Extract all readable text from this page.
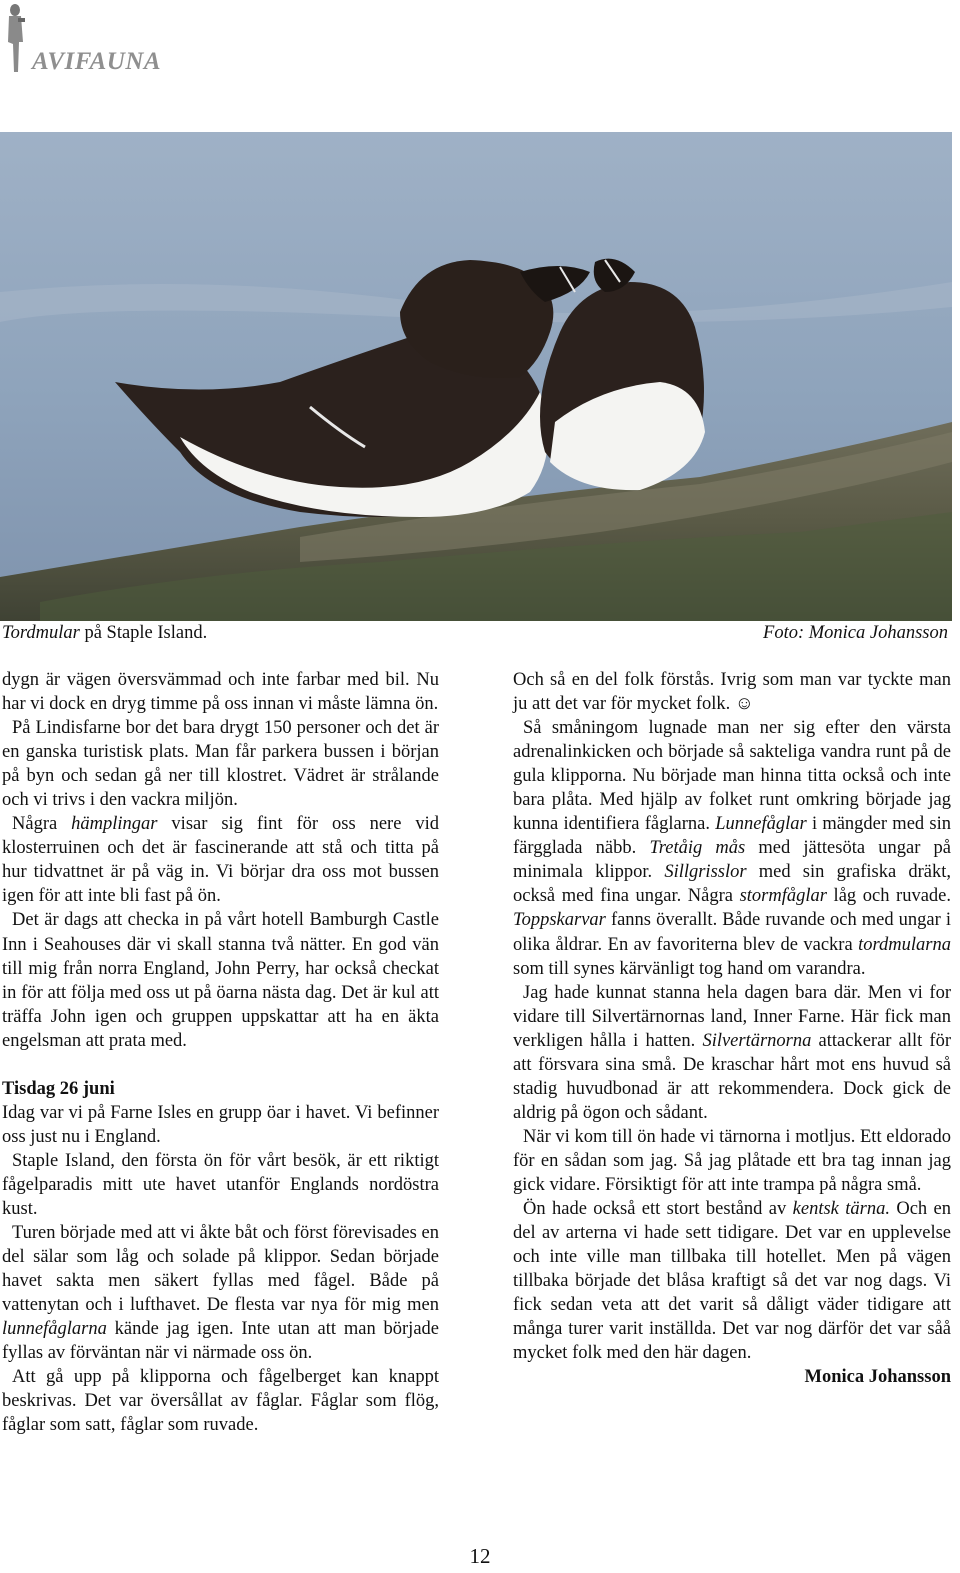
AVIFAUNA
Tordmular på Staple Island.	Foto: Monica Johansson

dygn är vägen översvämmad och inte farbar med bil. Nu har vi dock en dryg timme på oss innan vi måste lämna ön.

På Lindisfarne bor det bara drygt 150 personer och det är en ganska turistisk plats. Man får parkera bussen i början på byn och sedan gå ner till klostret. Vädret är strålande och vi trivs i den vackra miljön.

Några hämplingar visar sig fint för oss nere vid klosterruinen och det är fascinerande att stå och titta på hur tidvattnet är på väg in. Vi börjar dra oss mot bussen igen för att inte bli fast på ön.

Det är dags att checka in på vårt hotell Bamburgh Castle Inn i Seahouses där vi skall stanna två nätter. En god vän till mig från norra England, John Perry, har också checkat in för att följa med oss ut på öarna nästa dag. Det är kul att träffa John igen och gruppen uppskattar att ha en äkta engelsman att prata med.

Tisdag 26 juni

Idag var vi på Farne Isles en grupp öar i havet. Vi befinner oss just nu i England.

Staple Island, den första ön för vårt besök, är ett riktigt fågelparadis mitt ute havet utanför Englands nordöstra kust.

Turen började med att vi åkte båt och först förevisades en del sälar som låg och solade på klippor. Sedan började havet sakta men säkert fyllas med fågel. Både på vattenytan och i lufthavet. De flesta var nya för mig men lunnefåglarna kände jag igen. Inte utan att man började fyllas av förväntan när vi närmade oss ön.

Att gå upp på klipporna och fågelberget kan knappt beskrivas. Det var översållat av fåglar. Fåglar som flög, fåglar som satt, fåglar som ruvade.

Och så en del folk förstås. Ivrig som man var tyckte man ju att det var för mycket folk. ☺

Så småningom lugnade man ner sig efter den värsta adrenalinkicken och började så sakteliga vandra runt på de gula klipporna. Nu började man hinna titta också och inte bara plåta. Med hjälp av folket runt omkring började jag kunna identifiera fåglarna. Lunnefåglar i mängder med sin färgglada näbb. Tretåig mås med jättesöta ungar på minimala klippor. Sillgrisslor med sin grafiska dräkt, också med fina ungar. Några stormfåglar låg och ruvade. Toppskarvar fanns överallt. Både ruvande och med ungar i olika åldrar. En av favoriterna blev de vackra tordmularna som till synes kärvänligt tog hand om varandra.

Jag hade kunnat stanna hela dagen bara där. Men vi for vidare till Silvertärnornas land, Inner Farne. Här fick man verkligen hålla i hatten. Silvertärnorna attackerar allt för att försvara sina små. De kraschar hårt mot ens huvud så stadig huvudbonad är att rekommendera. Dock gick de aldrig på ögon och sådant.

När vi kom till ön hade vi tärnorna i motljus. Ett eldorado för en sådan som jag. Så jag plåtade ett bra tag innan jag gick vidare. Försiktigt för att inte trampa på några små.

Ön hade också ett stort bestånd av kentsk tärna. Och en del av arterna vi hade sett tidigare. Det var en upplevelse och inte ville man tillbaka till hotellet. Men på vägen tillbaka började det blåsa kraftigt så det var nog dags. Vi fick sedan veta att det varit så dåligt väder tidigare att många turer varit inställda. Det var nog därför det var såå mycket folk med den här dagen.

Monica Johansson
12
